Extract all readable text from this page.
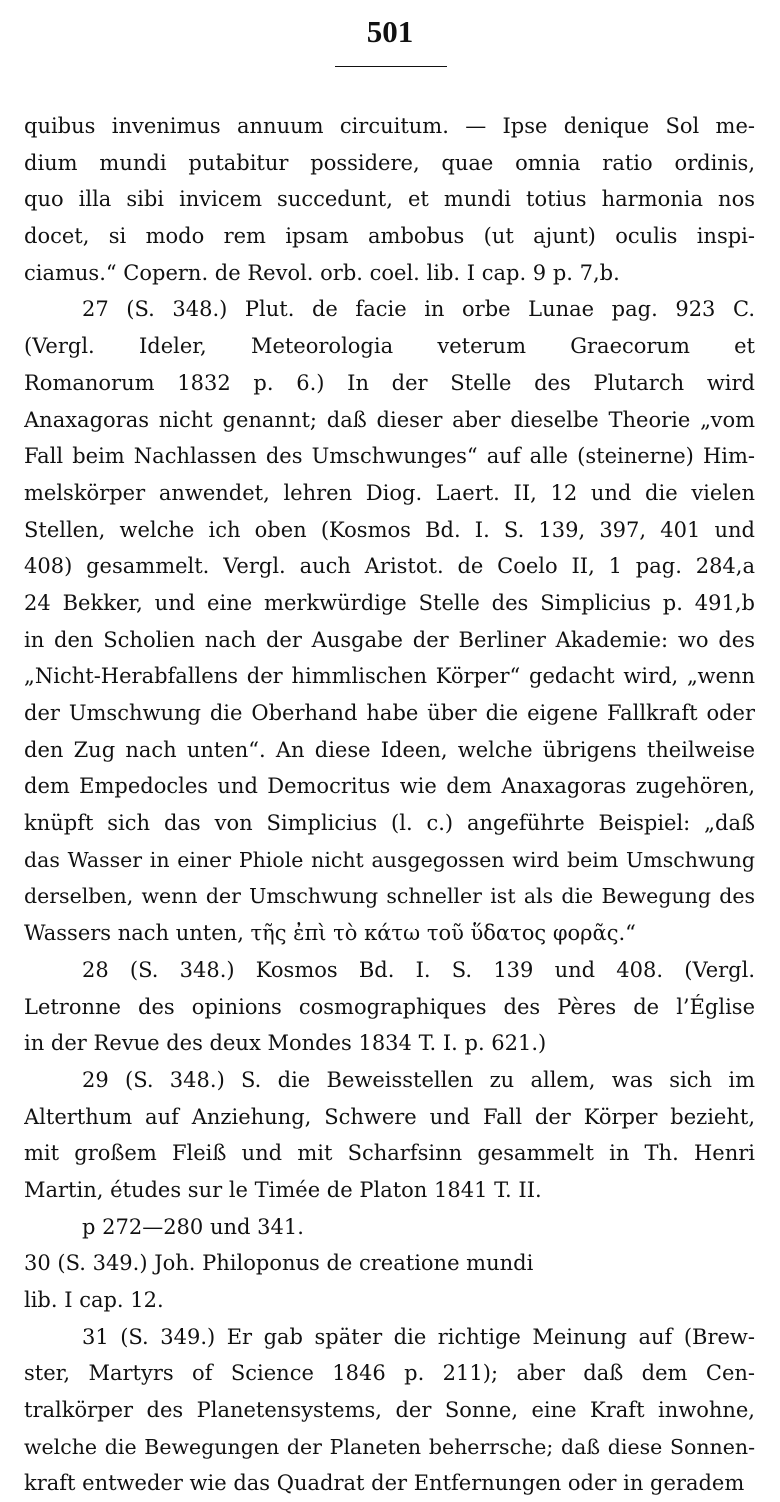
501
quibus invenimus annuum circuitum. — Ipse denique Sol me-
dium mundi putabitur possidere, quae omnia ratio ordinis,
quo illa sibi invicem succedunt, et mundi totius harmonia nos
docet, si modo rem ipsam ambobus (ut ajunt) oculis inspi-
ciamus.“ Copern. de Revol. orb. coel. lib. I cap. 9 p. 7,b.
27 (S. 348.) Plut. de facie in orbe Lunae pag. 923 C.
(Vergl. Ideler, Meteorologia veterum Graecorum et
Romanorum 1832 p. 6.) In der Stelle des Plutarch wird
Anaxagoras nicht genannt; daß dieser aber dieselbe Theorie „vom
Fall beim Nachlassen des Umschwunges“ auf alle (steinerne) Him-
melskörper anwendet, lehren Diog. Laert. II, 12 und die vielen
Stellen, welche ich oben (Kosmos Bd. I. S. 139, 397, 401 und
408) gesammelt. Vergl. auch Aristot. de Coelo II, 1 pag. 284,a
24 Bekker, und eine merkwürdige Stelle des Simplicius p. 491,b
in den Scholien nach der Ausgabe der Berliner Akademie: wo des
„Nicht-Herabfallens der himmlischen Körper“ gedacht wird, „wenn
der Umschwung die Oberhand habe über die eigene Fallkraft oder
den Zug nach unten“. An diese Ideen, welche übrigens theilweise
dem Empedocles und Democritus wie dem Anaxagoras zugehören,
knüpft sich das von Simplicius (l. c.) angeführte Beispiel: „daß
das Wasser in einer Phiole nicht ausgegossen wird beim Umschwung
derselben, wenn der Umschwung schneller ist als die Bewegung des
Wassers nach unten, τῆς ἐπὶ τὸ κάτω τοῦ ὕδατος φορᾶς.“
28 (S. 348.) Kosmos Bd. I. S. 139 und 408. (Vergl.
Letronne des opinions cosmographiques des Pères de l’Église
in der Revue des deux Mondes 1834 T. I. p. 621.)
29 (S. 348.) S. die Beweisstellen zu allem, was sich im
Alterthum auf Anziehung, Schwere und Fall der Körper bezieht,
mit großem Fleiß und mit Scharfsinn gesammelt in Th. Henri
Martin, études sur le Timée de Platon 1841 T. II.
p 272—280 und 341.
30 (S. 349.) Joh. Philoponus de creatione mundi
lib. I cap. 12.
31 (S. 349.) Er gab später die richtige Meinung auf (Brew-
ster, Martyrs of Science 1846 p. 211); aber daß dem Cen-
tralkörper des Planetensystems, der Sonne, eine Kraft inwohne,
welche die Bewegungen der Planeten beherrsche; daß diese Sonnen-
kraft entweder wie das Quadrat der Entfernungen oder in geradem
